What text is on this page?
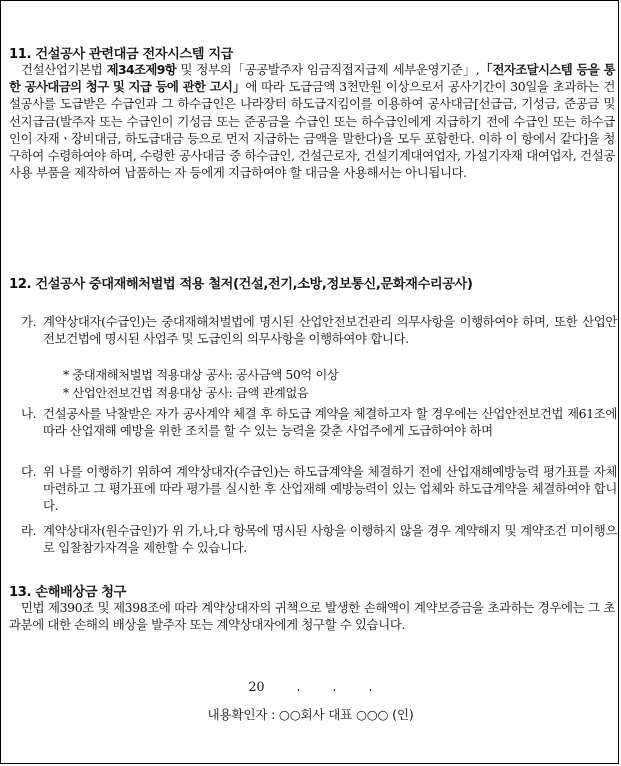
11. 건설공사 관련대금 전자시스템 지급
건설산업기본법 제34조제9항 및 정부의「공공발주자 임금직접지급제 세부운영기준」,「전자조달시스템 등을 통한 공사대금의 청구 및 지급 등에 관한 고시」에 따라 도급금액 3천만원 이상으로서 공사기간이 30일을 초과하는 건설공사를 도급받은 수급인과 그 하수급인은 나라장터 하도급지킴이를 이용하여 공사대금[선급금, 기성금, 준공금 및 선지급금(발주자 또는 수급인이 기성금 또는 준공금을 수급인 또는 하수급인에게 지급하기 전에 수급인 또는 하수급인이 자재ㆍ장비대금, 하도급대금 등으로 먼저 지급하는 금액을 말한다)을 모두 포함한다. 이하 이 항에서 같다]을 청구하여 수령하여야 하며, 수령한 공사대금 중 하수급인, 건설근로자, 건설기계대여업자, 가설기자재 대여업자, 건설공사용 부품을 제작하여 납품하는 자 등에게 지급하여야 할 대금을 사용해서는 아니됩니다.
12. 건설공사 중대재해처벌법 적용 철저(건설,전기,소방,정보통신,문화재수리공사)
가. 계약상대자(수급인)는 중대재해처벌법에 명시된 산업안전보건관리 의무사항을 이행하여야 하며, 또한 산업안전보건법에 명시된 사업주 및 도급인의 의무사항을 이행하여야 합니다.
* 중대재해처벌법 적용대상 공사: 공사금액 50억 이상
* 산업안전보건법 적용대상 공사: 금액 관계없음
나. 건설공사를 낙찰받은 자가 공사계약 체결 후 하도급 계약을 체결하고자 할 경우에는 산업안전보건법 제61조에 따라 산업재해 예방을 위한 조치를 할 수 있는 능력을 갖춘 사업주에게 도급하여야 하며
다. 위 나를 이행하기 위하여 계약상대자(수급인)는 하도급계약을 체결하기 전에 산업재해예방능력 평가표를 자체 마련하고 그 평가표에 따라 평가를 실시한 후 산업재해 예방능력이 있는 업체와 하도급계약을 체결하여야 합니다.
라. 계약상대자(원수급인)가 위 가,나,다 항목에 명시된 사항을 이행하지 않을 경우 계약해지 및 계약조건 미이행으로 입찰참가자격을 제한할 수 있습니다.
13. 손해배상금 청구
민법 제390조 및 제398조에 따라 계약상대자의 귀책으로 발생한 손해액이 계약보증금을 초과하는 경우에는 그 초과분에 대한 손해의 배상을 발주자 또는 계약상대자에게 청구할 수 있습니다.
20        .        .        .
내용확인자 : ○○회사 대표 ○○○ (인)
